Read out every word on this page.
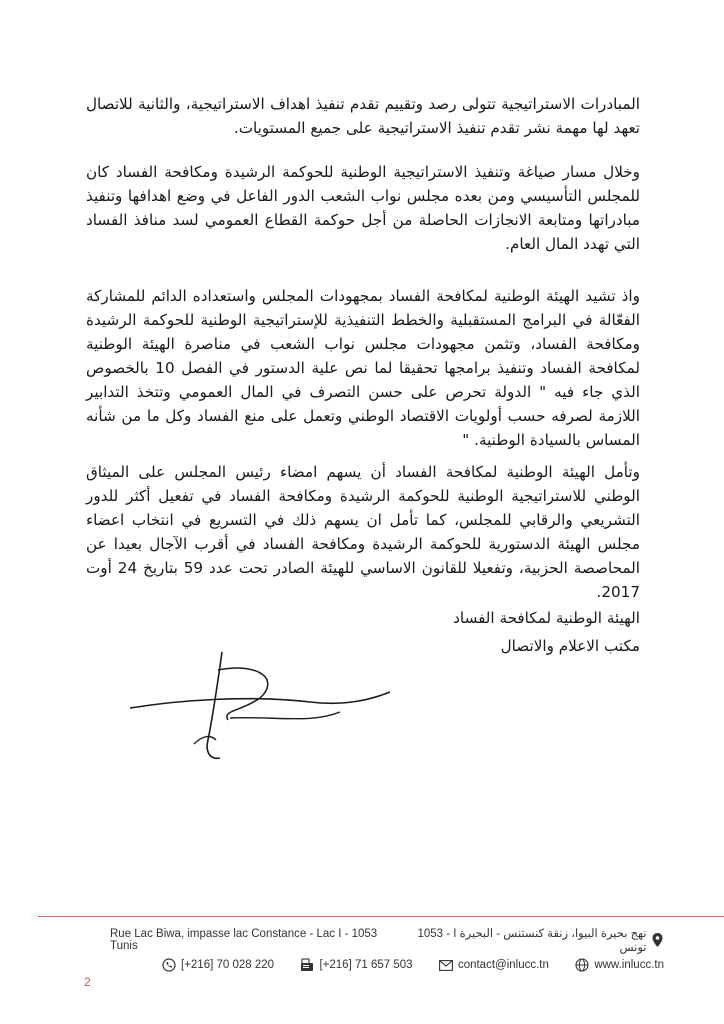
المبادرات الاستراتيجية تتولى رصد وتقييم تقدم تنفيذ اهداف الاستراتيجية، والثانية للاتصال تعهد لها مهمة نشر تقدم تنفيذ الاستراتيجية على جميع المستويات.

وخلال مسار صياغة وتنفيذ الاستراتيجية الوطنية للحوكمة الرشيدة ومكافحة الفساد كان للمجلس التأسيسي ومن بعده مجلس نواب الشعب الدور الفاعل في وضع اهدافها وتنفيذ مبادراتها ومتابعة الانجازات الحاصلة من أجل حوكمة القطاع العمومي لسد منافذ الفساد التي تهدد المال العام.

واذ تشيد الهيئة الوطنية لمكافحة الفساد بمجهودات المجلس واستعداده الدائم للمشاركة الفعّالة في البرامج المستقبلية والخطط التنفيذية للإستراتيجية الوطنية للحوكمة الرشيدة ومكافحة الفساد، وتثمن مجهودات مجلس نواب الشعب في مناصرة الهيئة الوطنية لمكافحة الفساد وتنفيذ برامجها تحقيقا لما نص علية الدستور في الفصل 10 بالخصوص الذي جاء فيه " الدولة تحرص على حسن التصرف في المال العمومي وتتخذ التدابير اللازمة لصرفه حسب أولويات الاقتصاد الوطني وتعمل على منع الفساد وكل ما من شأنه المساس بالسيادة الوطنية. "

وتأمل الهيئة الوطنية لمكافحة الفساد أن يسهم امضاء رئيس المجلس على الميثاق الوطني للاستراتيجية الوطنية للحوكمة الرشيدة ومكافحة الفساد في تفعيل أكثر للدور التشريعي والرقابي للمجلس، كما تأمل ان يسهم ذلك في التسريع في انتخاب اعضاء مجلس الهيئة الدستورية للحوكمة الرشيدة ومكافحة الفساد في أقرب الآجال بعيدا عن المحاصصة الحزبية، وتفعيلا للقانون الاساسي للهيئة الصادر تحت عدد 59 بتاريخ 24 أوت 2017.

الهيئة الوطنية لمكافحة الفساد
مكتب الاعلام والاتصال
Rue Lac Biwa, impasse lac Constance - Lac I - 1053 Tunis
نهج بحيرة البيوا، زنقة كنستنس - البحيرة ا - 1053 تونس
[+216] 70 028 220	[+216] 71 657 503	contact@inlucc.tn	www.inlucc.tn
2
